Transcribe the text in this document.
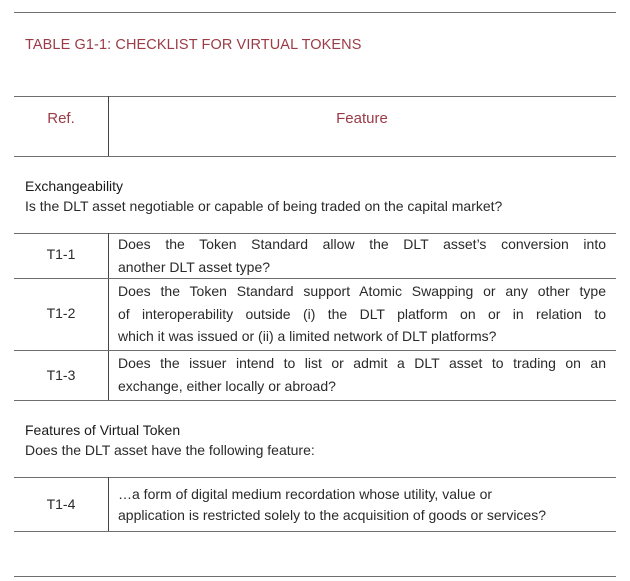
TABLE G1-1: CHECKLIST FOR VIRTUAL TOKENS
Ref.	Feature
Exchangeability
Is the DLT asset negotiable or capable of being traded on the capital market?
T1-1
Does the Token Standard allow the DLT asset’s conversion into
another DLT asset type?
T1-2
Does the Token Standard support Atomic Swapping or any other type
of interoperability outside (i) the DLT platform on or in relation to
which it was issued or (ii) a limited network of DLT platforms?
T1-3
Does the issuer intend to list or admit a DLT asset to trading on an
exchange, either locally or abroad?
Features of Virtual Token
Does the DLT asset have the following feature:
T1-4
…a form of digital medium recordation whose utility, value or
application is restricted solely to the acquisition of goods or services?
